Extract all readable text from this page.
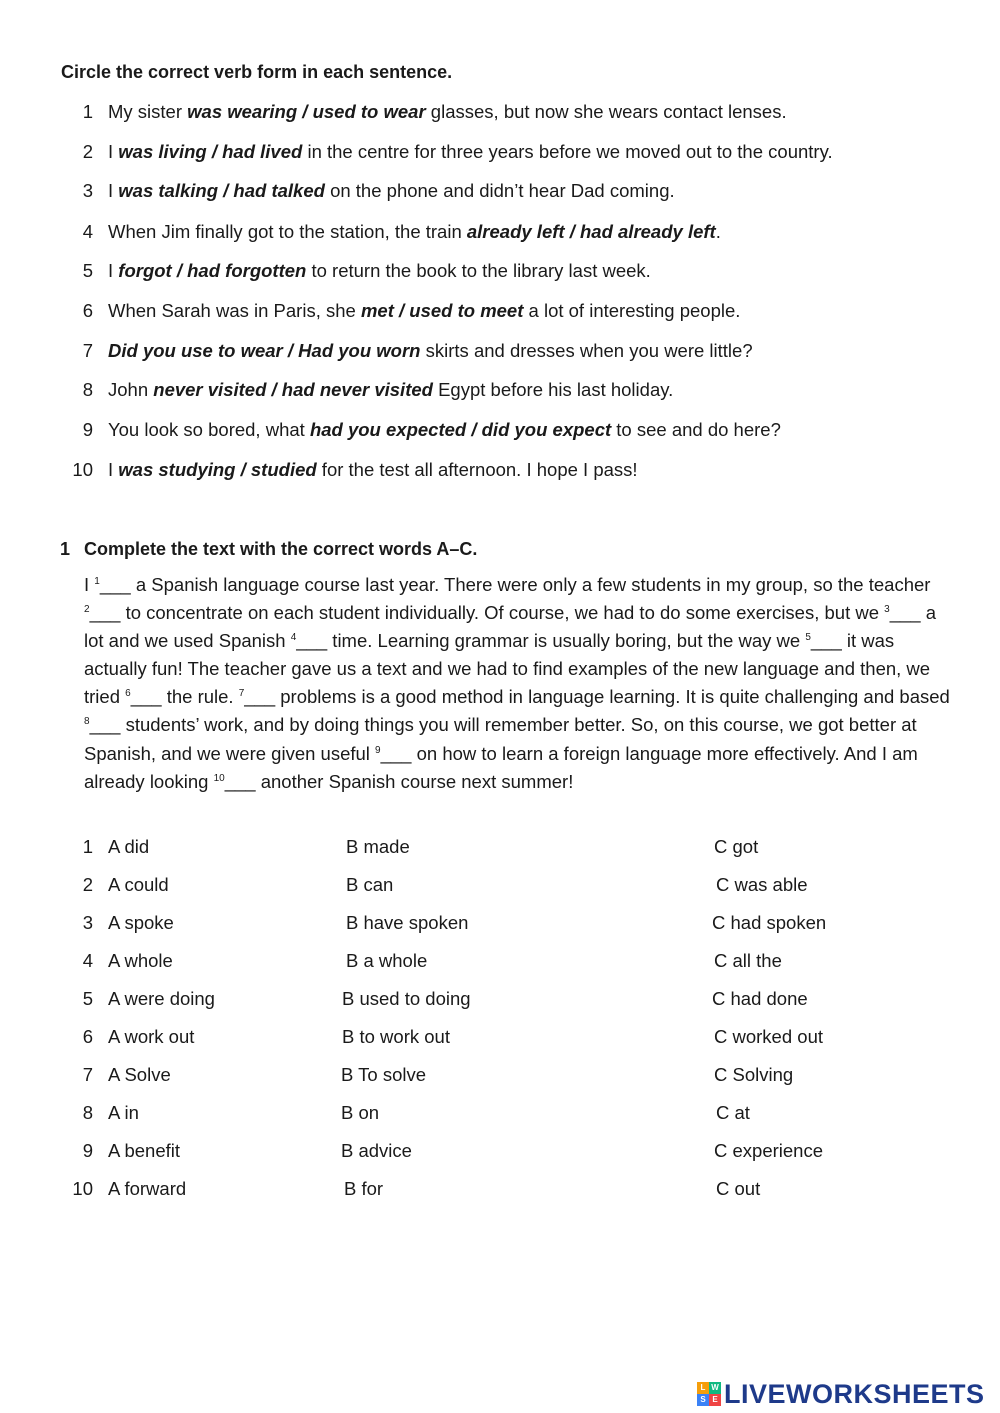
Circle the correct verb form in each sentence.
1 My sister was wearing / used to wear glasses, but now she wears contact lenses.
2 I was living / had lived in the centre for three years before we moved out to the country.
3 I was talking / had talked on the phone and didn’t hear Dad coming.
4 When Jim finally got to the station, the train already left / had already left.
5 I forgot / had forgotten to return the book to the library last week.
6 When Sarah was in Paris, she met / used to meet a lot of interesting people.
7 Did you use to wear / Had you worn skirts and dresses when you were little?
8 John never visited / had never visited Egypt before his last holiday.
9 You look so bored, what had you expected / did you expect to see and do here?
10 I was studying / studied for the test all afternoon. I hope I pass!
1 Complete the text with the correct words A–C.
I $^1$___ a Spanish language course last year. There were only a few students in my group, so the teacher $^2$___ to concentrate on each student individually. Of course, we had to do some exercises, but we $^3$___ a lot and we used Spanish $^4$___ time. Learning grammar is usually boring, but the way we $^5$___ it was actually fun! The teacher gave us a text and we had to find examples of the new language and then, we tried $^6$___ the rule. $^7$___ problems is a good method in language learning. It is quite challenging and based $^8$___ students’ work, and by doing things you will remember better. So, on this course, we got better at Spanish, and we were given useful $^9$___ on how to learn a foreign language more effectively. And I am already looking $^{10}$___ another Spanish course next summer!
1 A did	B made	C got
2 A could	B can	C was able
3 A spoke	B have spoken	C had spoken
4 A whole	B a whole	C all the
5 A were doing	B used to doing	C had done
6 A work out	B to work out	C worked out
7 A Solve	B To solve	C Solving
8 A in	B on	C at
9 A benefit	B advice	C experience
10 A forward	B for	C out
L W
S E LIVEWORKSHEETS
